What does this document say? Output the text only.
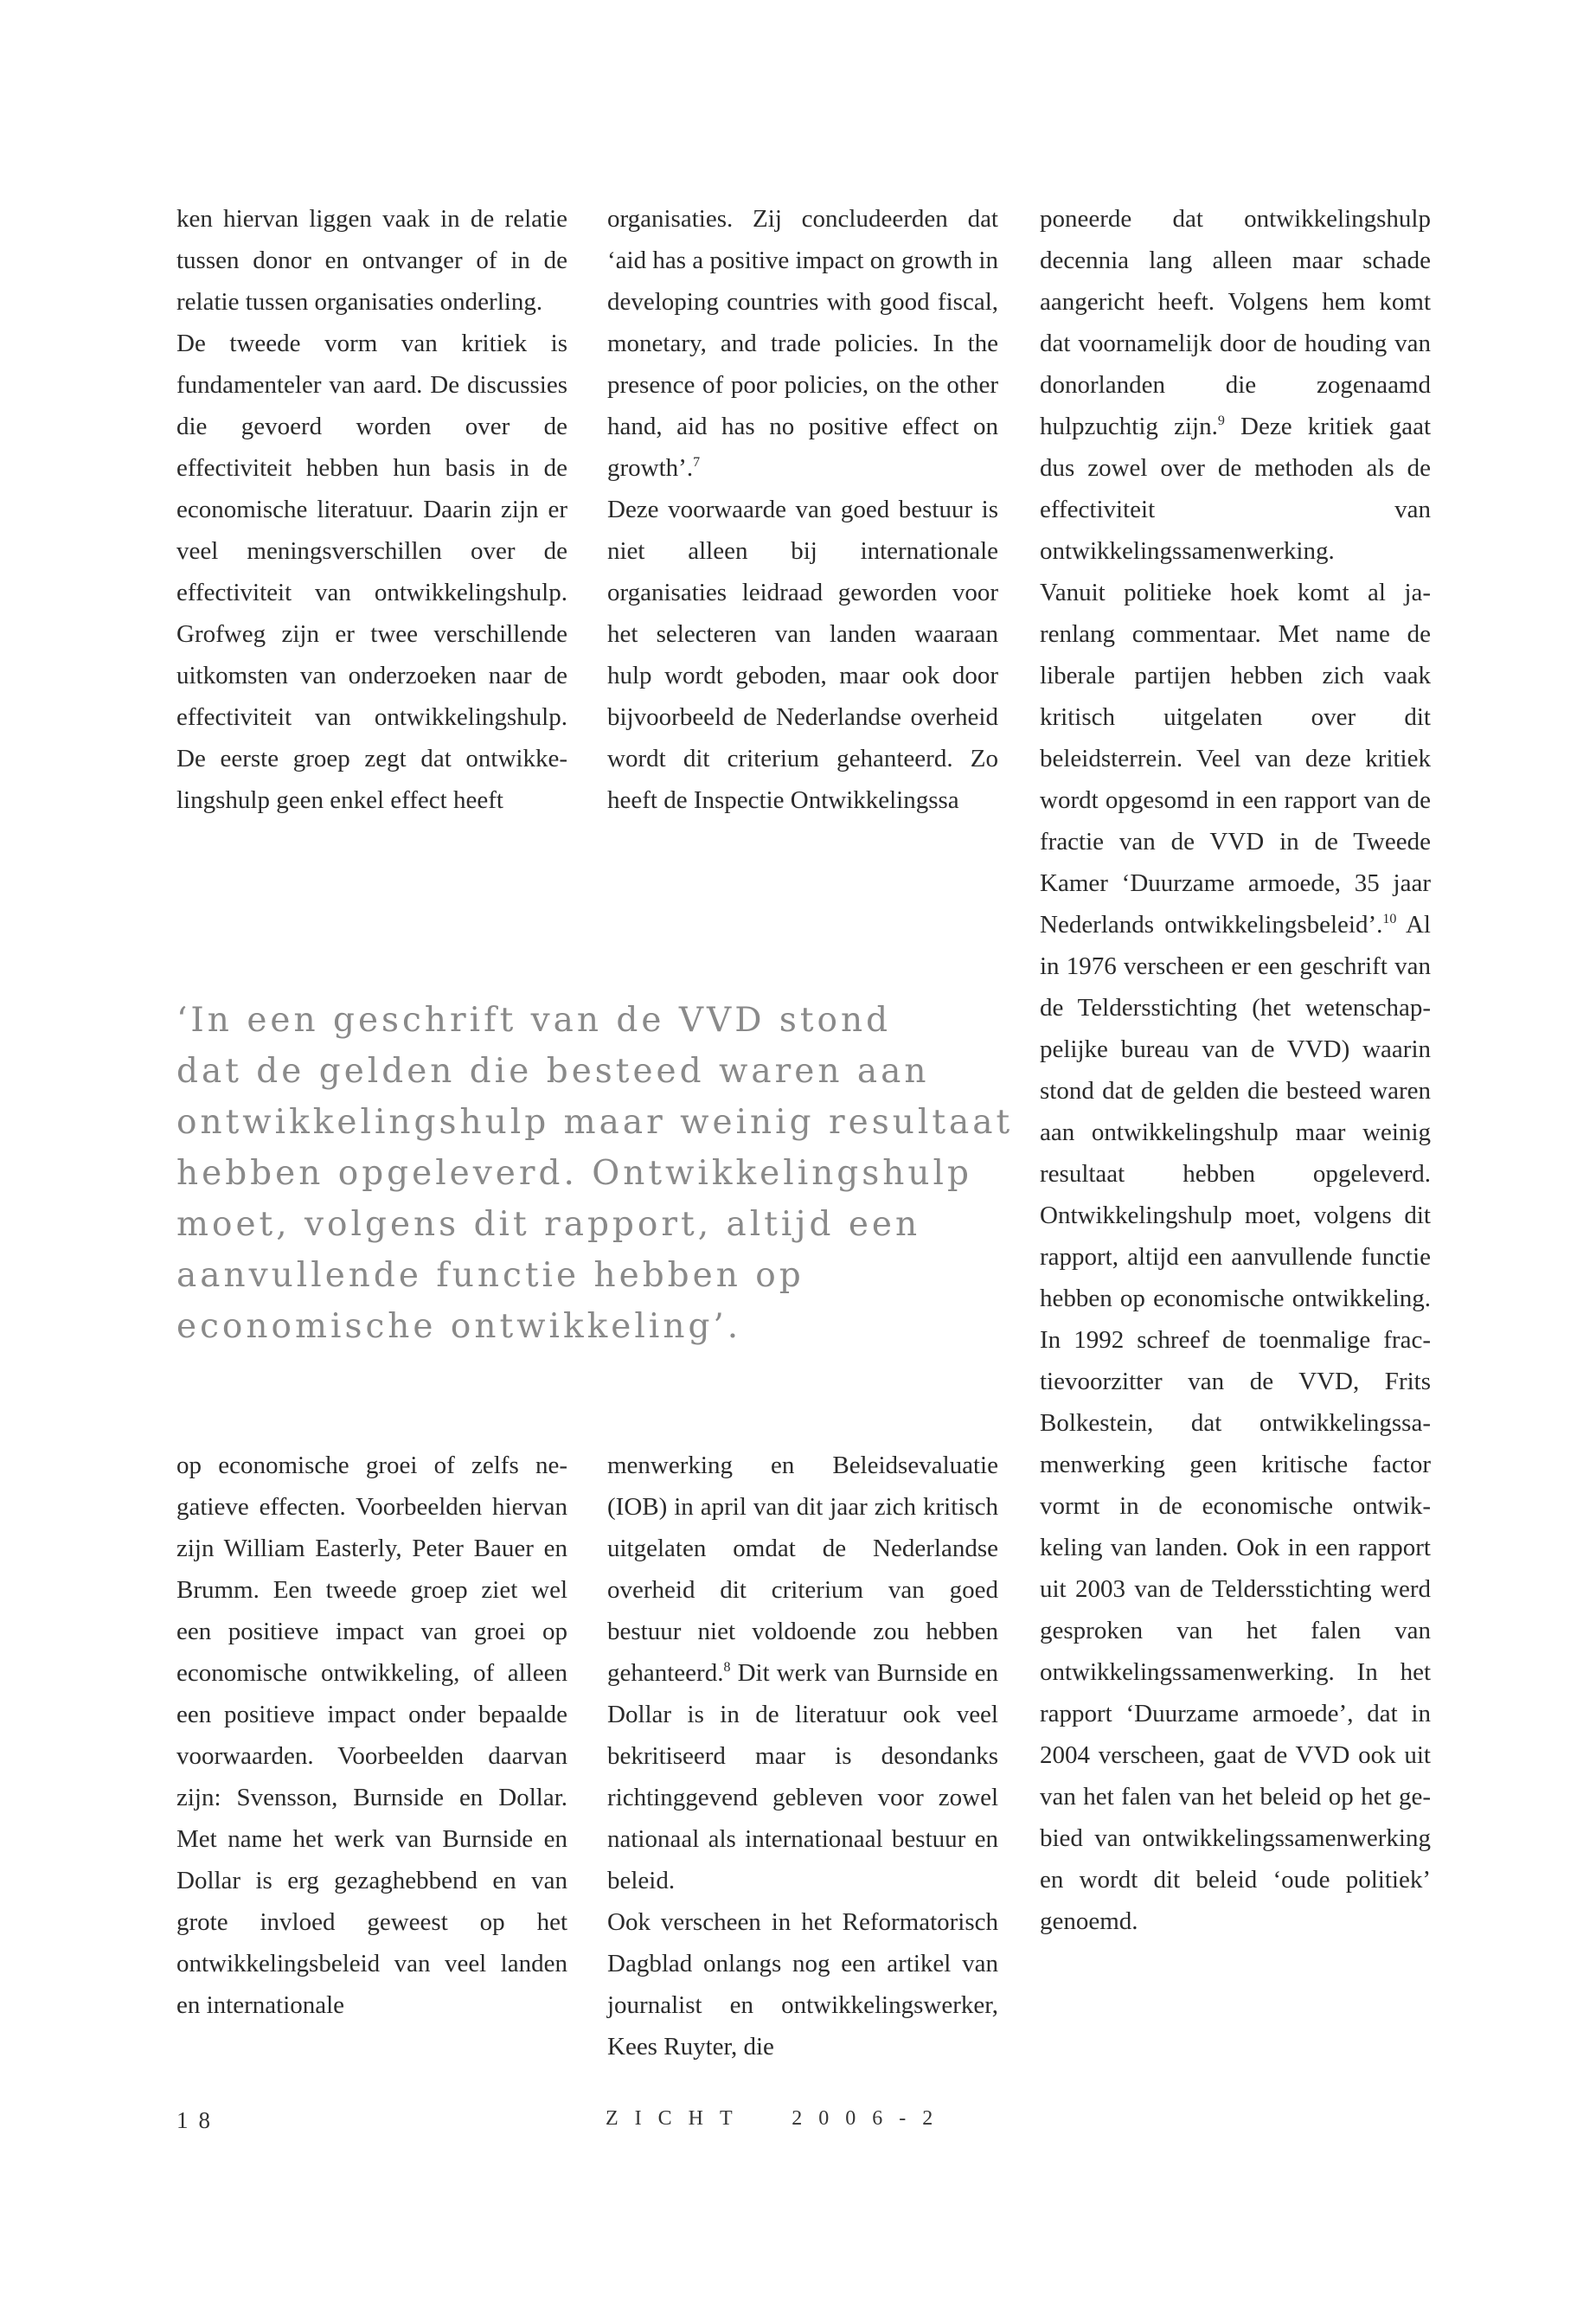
ken hiervan liggen vaak in de relatie tussen donor en ontvanger of in de relatie tussen organisaties onderling.

De tweede vorm van kritiek is fundamenteler van aard. De discussies die gevoerd worden over de effectiviteit hebben hun basis in de economische literatuur. Daarin zijn er veel meningsverschillen over de effectiviteit van ontwikkelingshulp. Grofweg zijn er twee verschillende uitkomsten van onderzoeken naar de effectiviteit van ontwikkelingshulp. De eerste groep zegt dat ontwikkelingshulp geen enkel effect heeft

organisaties. Zij concludeerden dat ‘aid has a positive impact on growth in developing countries with good fiscal, monetary, and trade policies. In the presence of poor policies, on the other hand, aid has no positive effect on growth’.$^7$

Deze voorwaarde van goed bestuur is niet alleen bij internationale organisaties leidraad geworden voor het selecteren van landen waaraan hulp wordt geboden, maar ook door bijvoorbeeld de Nederlandse overheid wordt dit criterium gehanteerd. Zo heeft de Inspectie Ontwikkelingssa

poneerde dat ontwikkelingshulp decennia lang alleen maar schade aangericht heeft. Volgens hem komt dat voornamelijk door de houding van donorlanden die zogenaamd hulpzuchtig zijn.$^9$ Deze kritiek gaat dus zowel over de methoden als de effectiviteit van ontwikkelingssamenwerking.

Vanuit politieke hoek komt al jarenlang commentaar. Met name de liberale partijen hebben zich vaak kritisch uitgelaten over dit beleidsterrein. Veel van deze kritiek wordt opgesomd in een rapport van de fractie van de VVD in de Tweede Kamer ‘Duurzame armoede, 35 jaar Nederlands ontwikkelingsbeleid’.$^{10}$ Al in 1976 verscheen er een geschrift van de Teldersstichting (het wetenschappelijke bureau van de VVD) waarin stond dat de gelden die besteed waren aan ontwikkelingshulp maar weinig resultaat hebben opgeleverd. Ontwikkelingshulp moet, volgens dit rapport, altijd een aanvullende functie hebben op economische ontwikkeling. In 1992 schreef de toenmalige fractievoorzitter van de VVD, Frits Bolkestein, dat ontwikkelingssamenwerking geen kritische factor vormt in de economische ontwikkeling van landen. Ook in een rapport uit 2003 van de Teldersstichting werd gesproken van het falen van ontwikkelingssamenwerking. In het rapport ‘Duurzame armoede’, dat in 2004 verscheen, gaat de VVD ook uit van het falen van het beleid op het gebied van ontwikkelingssamenwerking en wordt dit beleid ‘oude politiek’ genoemd.

‘In een geschrift van de VVD stond
dat de gelden die besteed waren aan
ontwikkelingshulp maar weinig resultaat
hebben opgeleverd. Ontwikkelingshulp
moet, volgens dit rapport, altijd een
aanvullende functie hebben op
economische ontwikkeling’.

op economische groei of zelfs negatieve effecten. Voorbeelden hiervan zijn William Easterly, Peter Bauer en Brumm. Een tweede groep ziet wel een positieve impact van groei op economische ontwikkeling, of alleen een positieve impact onder bepaalde voorwaarden. Voorbeelden daarvan zijn: Svensson, Burnside en Dollar. Met name het werk van Burnside en Dollar is erg gezaghebbend en van grote invloed geweest op het ontwikkelingsbeleid van veel landen en internationale

menwerking en Beleidsevaluatie (IOB) in april van dit jaar zich kritisch uitgelaten omdat de Nederlandse overheid dit criterium van goed bestuur niet voldoende zou hebben gehanteerd.$^8$ Dit werk van Burnside en Dollar is in de literatuur ook veel bekritiseerd maar is desondanks richtinggevend gebleven voor zowel nationaal als internationaal bestuur en beleid.

Ook verscheen in het Reformatorisch Dagblad onlangs nog een artikel van journalist en ontwikkelingswerker, Kees Ruyter, die

18	ZICHT  2006-2
